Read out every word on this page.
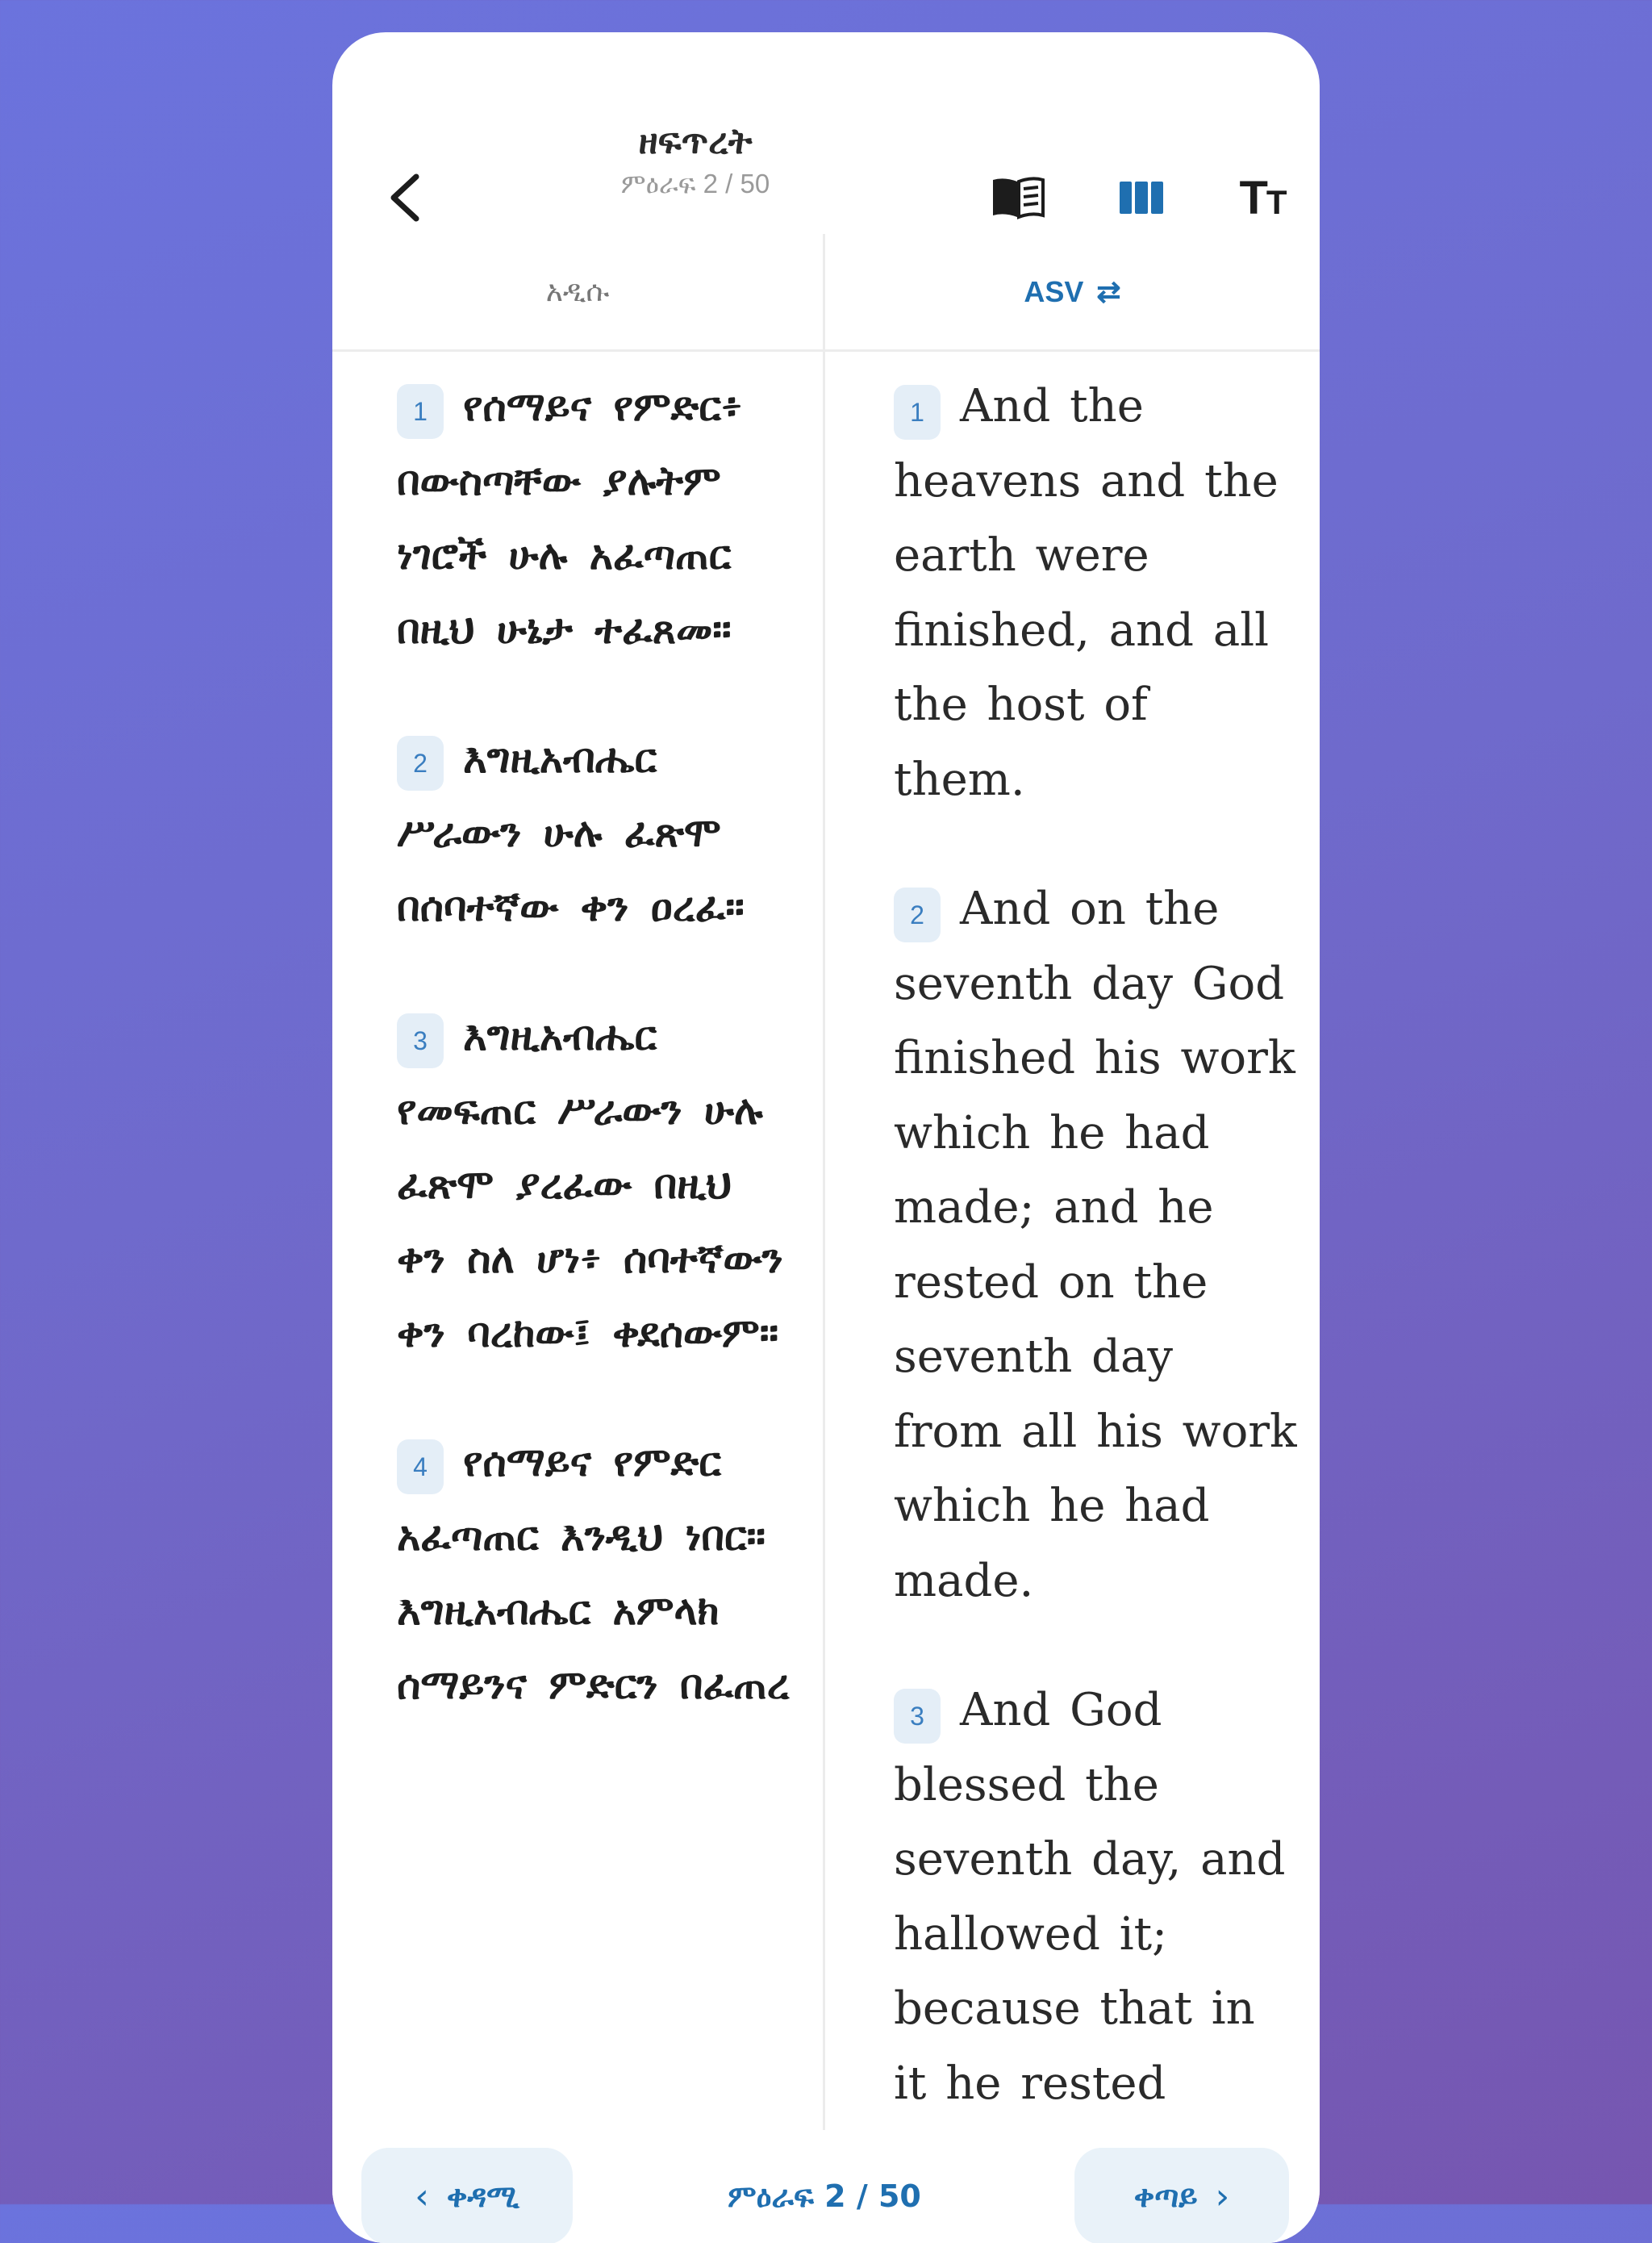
ዘፍጥረት
ምዕራፍ 2 / 50	TT
አዲሱ	ASV ⇄
1 የሰማይና የምድር፥ በውስጣቸው ያሉትም ነገሮች ሁሉ አፈጣጠር በዚህ ሁኔታ ተፈጸመ።
2 እግዚአብሔር ሥራውን ሁሉ ፈጽሞ በሰባተኛው ቀን ዐረፈ።
3 እግዚአብሔር የመፍጠር ሥራውን ሁሉ ፈጽሞ ያረፈው በዚህ ቀን ስለ ሆነ፥ ሰባተኛውን ቀን ባረከው፤ ቀደሰውም።
4 የሰማይና የምድር አፈጣጠር እንዲህ ነበር። እግዚአብሔር አምላክ ሰማይንና ምድርን በፈጠረ
1 And the heavens and the earth were finished, and all the host of them.
2 And on the seventh day God finished his work which he had made; and he rested on the seventh day from all his work which he had made.
3 And God blessed the seventh day, and hallowed it; because that in it he rested
‹ ቀዳሚ	ምዕራፍ 2 / 50	ቀጣይ ›
